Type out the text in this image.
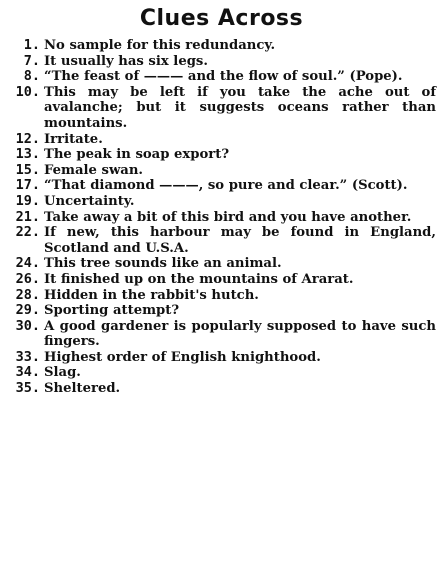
Clues Across
1. No sample for this redundancy.
7. It usually has six legs.
8. “The feast of ——— and the flow of soul.” (Pope).
10. This may be left if you take the ache out of avalanche; but it suggests oceans rather than mountains.
12. Irritate.
13. The peak in soap export?
15. Female swan.
17. “That diamond ———, so pure and clear.” (Scott).
19. Uncertainty.
21. Take away a bit of this bird and you have another.
22. If new, this harbour may be found in England, Scotland and U.S.A.
24. This tree sounds like an animal.
26. It finished up on the mountains of Ararat.
28. Hidden in the rabbit's hutch.
29. Sporting attempt?
30. A good gardener is popularly supposed to have such fingers.
33. Highest order of English knighthood.
34. Slag.
35. Sheltered.
